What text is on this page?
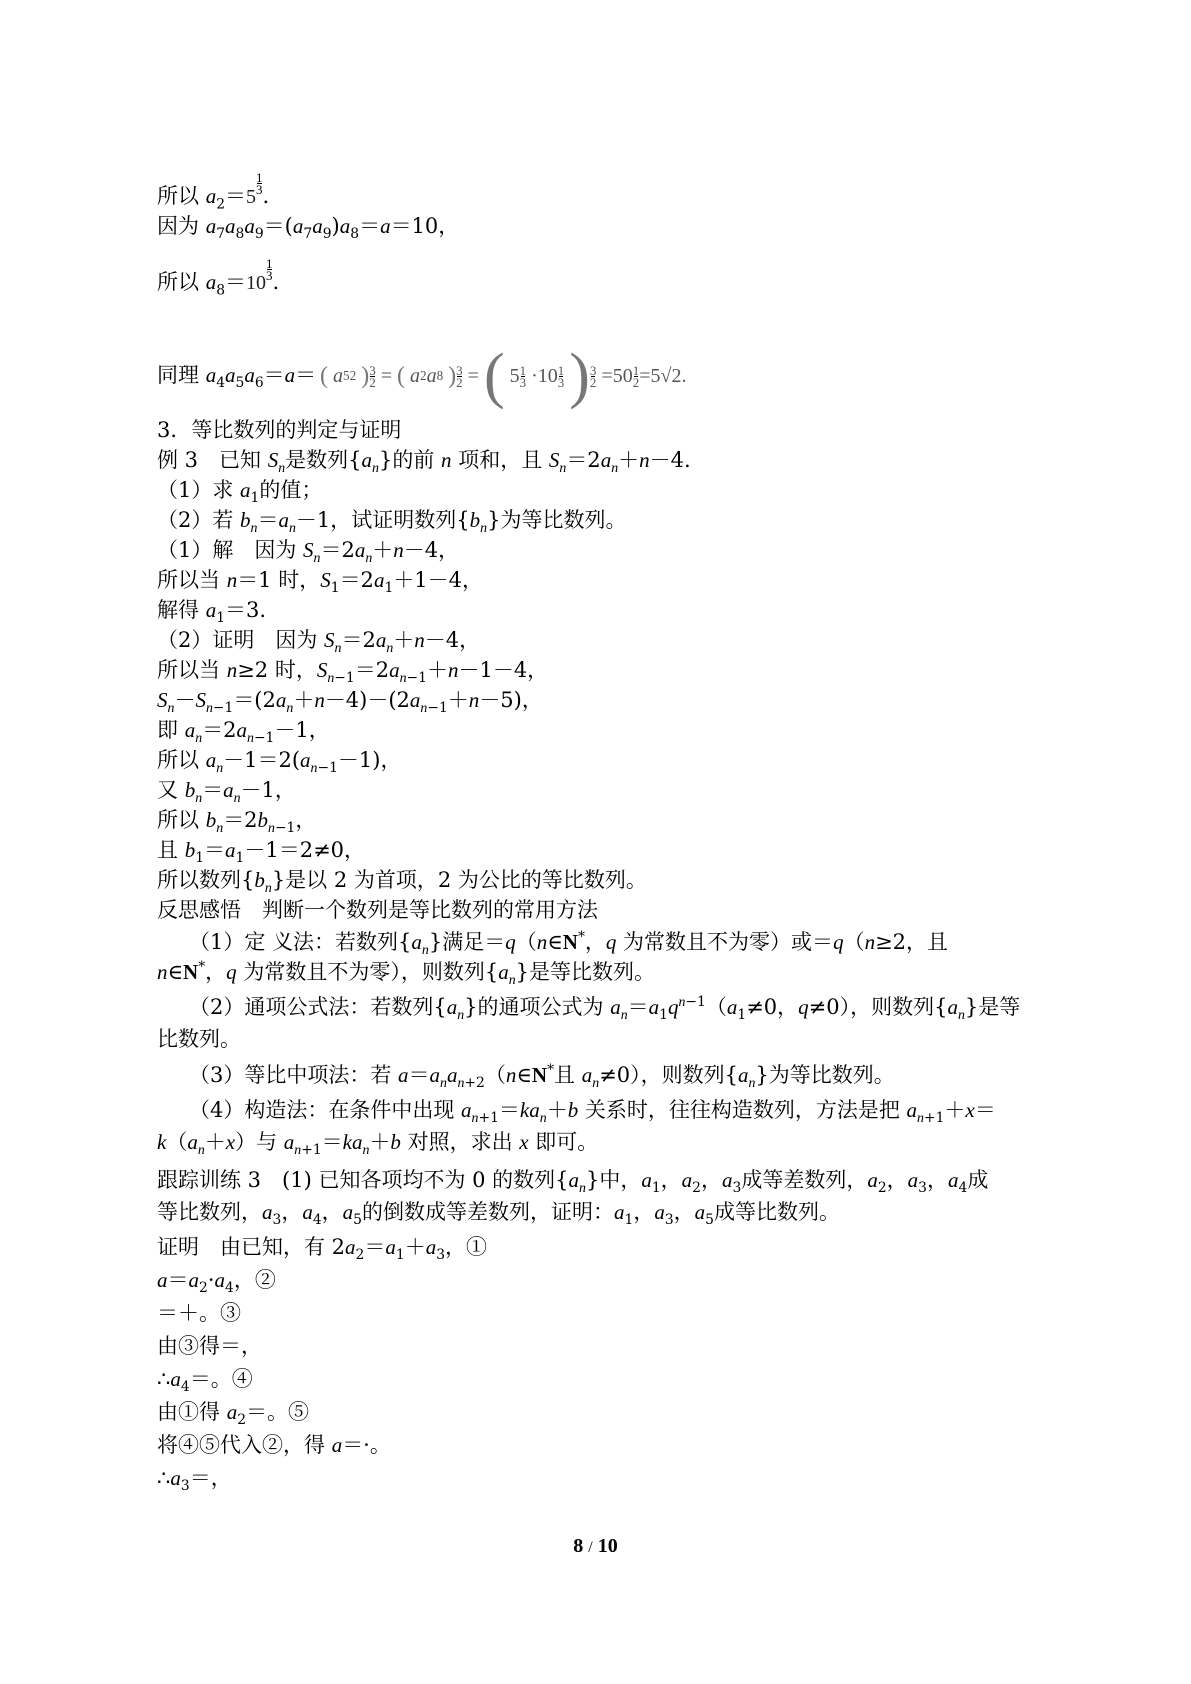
所以 $a_2=5\frac{1}{3}$.
因为 $a_7a_8a_9=(a_7a_9)a_8=a=10$，
所以 $a_8=10\frac{1}{3}$.
(
a 5 2
) $\frac{3}{2}$ = (
a 2 a 8
) $\frac{3}{2}$ = ( $5 \frac{1}{3} \cdot 10 \frac{1}{3}$
) $\frac{3}{2} =50 \frac{1}{2} =5√2$.
同理 $a_4a_5a_6=a=$
3．等比数列的判定与证明
例 3　已知 $S_n$是数列$\{a_n\}$的前 n 项和，且 $S_n=2a_n+n-4$.
（1）求 $a_1$的值；
（2）若 $b_n=a_n-1$，试证明数列$\{b_n\}$为等比数列。
（1）解　因为 $S_n=2a_n+n-4$，
所以当 n＝1 时，$S_1=2a_1+1-4$，
解得 $a_1=3$.
（2）证明　因为 $S_n=2a_n+n-4$，
所以当 n≥2 时，$S_{n-1}=2a_{n-1}+n-1-4$，
$S_n-S_{n-1}=(2a_n+n-4)-(2a_{n-1}+n-5)$，
即 $a_n=2a_{n-1}-1$，
所以 $a_n-1=2(a_{n-1}-1)$，
又 $b_n=a_n-1$，
所以 $b_n=2b_{n-1}$，
且 $b_1=a_1-1=2\ne 0$，
所以数列$\{b_n\}$是以 2 为首项，2 为公比的等比数列。
反思感悟　判断一个数列是等比数列的常用方法
（1）定 义法：若数列$\{a_n\}$满足＝q（n∈N*，q 为常数且不为零）或＝q（n≥2，且
n∈N*，q 为常数且不为零），则数列$\{a_n\}$是等比数列。
（2）通项公式法：若数列$\{a_n\}$的通项公式为 $a_n=a_1q^{n-1}(a_1\ne 0$，q≠0），则数列$\{a_n\}$是等
比数列。
（3）等比中项法：若 $a=a_na_{n+2}(n\in N^*$且 $a_n\ne 0$），则数列$\{a_n\}$为等比数列。
（4）构造法：在条件中出现 $a_{n+1}=ka_n+b$ 关系时，往往构造数列，方法是把 $a_{n+1}+x=$
$k(a_n+x)$与 $a_{n+1}=ka_n+b$ 对照，求出 x 即可。
跟踪训练 3　(1) 已知各项均不为 0 的数列$\{a_n\}$中，$a_1$，$a_2$，$a_3$成等差数列，$a_2$，$a_3$，$a_4$成
等比数列，$a_3$，$a_4$，$a_5$的倒数成等差数列，证明：$a_1$，$a_3$，$a_5$成等比数列。
证明　由已知，有 $2a_2=a_1+a_3$，①
$a=a_2\cdot a_4$，②
＝＋。③
由③得＝，
$\therefore a_4=$。④
由①得 $a_2=$。⑤
将④⑤代入②，得 a＝·。
$\therefore a_3=$，
8 / 10
